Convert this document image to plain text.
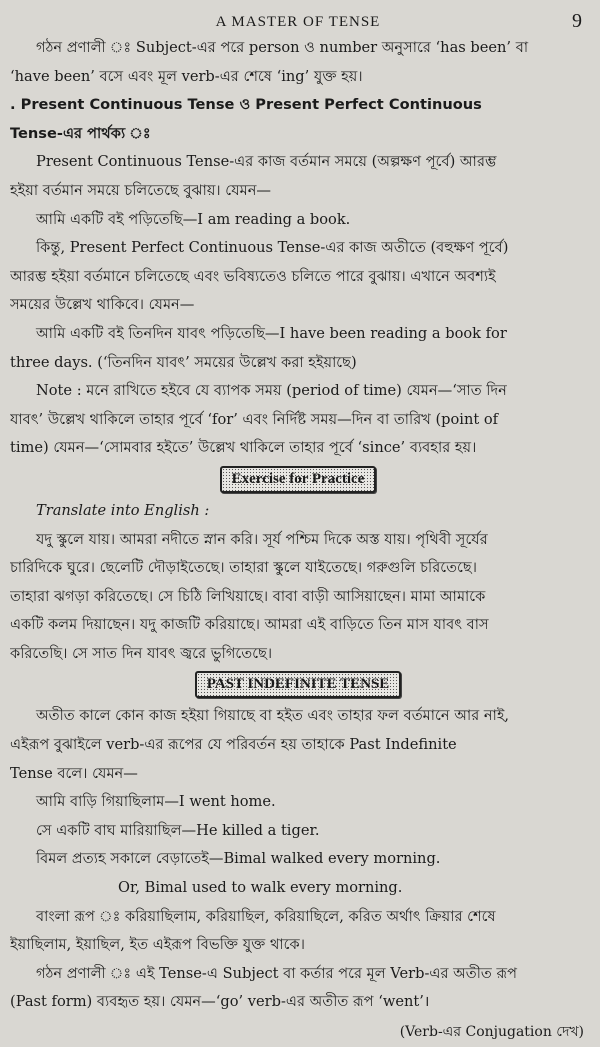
A MASTER OF TENSE	9
গঠন প্রণালী ঃ Subject-এর পরে person ও number অনুসারে ‘has been’ বা
‘have been’ বসে এবং মূল verb-এর শেষে ‘ing’ যুক্ত হয়।
. Present Continuous Tense ও Present Perfect Continuous
Tense-এর পার্থক্য ঃ
Present Continuous Tense-এর কাজ বর্তমান সময়ে (অল্পক্ষণ পূর্বে) আরম্ভ
হইয়া বর্তমান সময়ে চলিতেছে বুঝায়। যেমন—
আমি একটি বই পড়িতেছি—I am reading a book.
কিন্তু, Present Perfect Continuous Tense-এর কাজ অতীতে (বহুক্ষণ পূর্বে)
আরম্ভ হইয়া বর্তমানে চলিতেছে এবং ভবিষ্যতেও চলিতে পারে বুঝায়। এখানে অবশ্যই
সময়ের উল্লেখ থাকিবে। যেমন—
আমি একটি বই তিনদিন যাবৎ পড়িতেছি—I have been reading a book for
three days. (‘তিনদিন যাবৎ’ সময়ের উল্লেখ করা হইয়াছে)
Note : মনে রাখিতে হইবে যে ব্যাপক সময় (period of time) যেমন—‘সাত দিন
যাবৎ’ উল্লেখ থাকিলে তাহার পূর্বে ‘for’ এবং নির্দিষ্ট সময়—দিন বা তারিখ (point of
time) যেমন—‘সোমবার হইতে’ উল্লেখ থাকিলে তাহার পূর্বে ‘since’ ব্যবহার হয়।
Exercise for Practice
Translate into English :
যদু স্কুলে যায়। আমরা নদীতে স্নান করি। সূর্য পশ্চিম দিকে অস্ত যায়। পৃথিবী সূর্যের
চারিদিকে ঘুরে। ছেলেটি দৌড়াইতেছে। তাহারা স্কুলে যাইতেছে। গরুগুলি চরিতেছে।
তাহারা ঝগড়া করিতেছে। সে চিঠি লিখিয়াছে। বাবা বাড়ী আসিয়াছেন। মামা আমাকে
একটি কলম দিয়াছেন। যদু কাজটি করিয়াছে। আমরা এই বাড়িতে তিন মাস যাবৎ বাস
করিতেছি। সে সাত দিন যাবৎ জ্বরে ভুগিতেছে।
PAST INDEFINITE TENSE
অতীত কালে কোন কাজ হইয়া গিয়াছে বা হইত এবং তাহার ফল বর্তমানে আর নাই,
এইরূপ বুঝাইলে verb-এর রূপের যে পরিবর্তন হয় তাহাকে Past Indefinite
Tense বলে। যেমন—
আমি বাড়ি গিয়াছিলাম—I went home.
সে একটি বাঘ মারিয়াছিল—He killed a tiger.
বিমল প্রত্যহ সকালে বেড়াতেই—Bimal walked every morning.
Or, Bimal used to walk every morning.
বাংলা রূপ ঃ করিয়াছিলাম, করিয়াছিল, করিয়াছিলে, করিত অর্থাৎ ক্রিয়ার শেষে
ইয়াছিলাম, ইয়াছিল, ইত এইরূপ বিভক্তি যুক্ত থাকে।
গঠন প্রণালী ঃ এই Tense-এ Subject বা কর্তার পরে মূল Verb-এর অতীত রূপ
(Past form) ব্যবহৃত হয়। যেমন—‘go’ verb-এর অতীত রূপ ‘went’।
(Verb-এর Conjugation দেখ)
